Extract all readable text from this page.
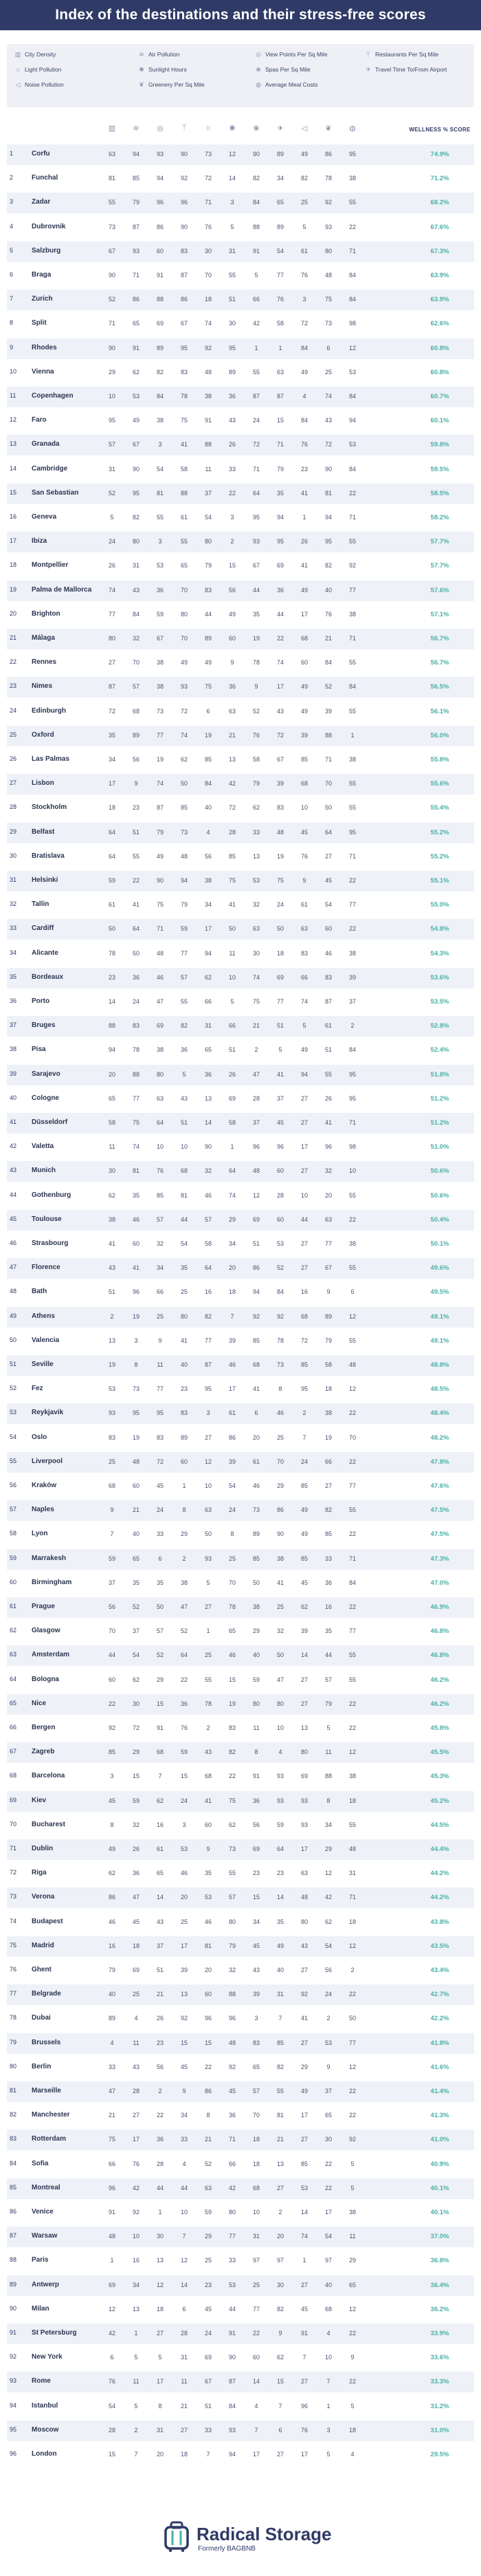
Index of the destinations and their stress-free scores
▥ City Density	≋ Air Pollution	◎ View Points Per Sq Mile	ᛘ Restaurants Per Sq Mile
☼ Light Pollution	✺ Sunlight Hours	❀ Spas Per Sq Mile	✈ Travel Time To/From Airport
◁ Noise Pollution	❦ Greenery Per Sq Mile	◍ Average Meal Costs
WELLNESS % SCORE
▥	≋	◎	ᛘ	☼	✺	❀	✈	◁	❦	◍
1	Corfu	63	94	93	90	73	12	90	89	49	86	95	74.9%
2	Funchal	81	85	94	92	72	14	82	34	82	78	38	71.2%
3	Zadar	55	79	96	96	71	3	84	65	25	92	55	68.2%
4	Dubrovnik	73	87	86	90	76	5	88	89	5	93	22	67.6%
5	Salzburg	67	93	60	83	30	31	91	54	61	80	71	67.3%
6	Braga	90	71	91	87	70	55	5	77	76	48	84	63.9%
7	Zurich	52	86	88	86	18	51	66	76	3	75	84	63.9%
8	Split	71	65	69	67	74	30	42	58	72	73	98	62.6%
9	Rhodes	90	91	89	95	92	95	1	1	84	6	12	60.8%
10	Vienna	29	62	82	83	48	89	55	63	49	25	53	60.8%
11	Copenhagen	10	53	84	78	38	36	87	87	4	74	84	60.7%
12	Faro	95	49	38	75	91	43	24	15	84	43	94	60.1%
13	Granada	57	67	3	41	88	26	72	71	76	72	53	59.8%
14	Cambridge	31	90	54	58	11	33	71	79	23	90	84	59.5%
15	San Sebastian	52	95	81	88	37	22	64	35	41	81	22	58.5%
16	Geneva	5	82	55	61	54	3	95	94	1	94	71	58.2%
17	Ibiza	24	80	3	55	80	2	93	95	26	95	55	57.7%
18	Montpellier	26	31	53	65	79	15	67	69	41	82	92	57.7%
19	Palma de Mallorca	74	43	36	70	83	56	44	36	49	40	77	57.6%
20	Brighton	77	84	59	80	44	49	35	44	17	76	38	57.1%
21	Málaga	80	32	67	70	89	60	19	22	68	21	71	56.7%
22	Rennes	27	70	38	49	49	9	78	74	60	84	55	56.7%
23	Nimes	87	57	38	93	75	36	9	17	49	52	84	56.5%
24	Edinburgh	72	68	73	72	6	63	52	43	49	39	55	56.1%
25	Oxford	35	89	77	74	19	21	76	72	39	88	1	56.0%
26	Las Palmas	34	56	19	62	85	13	58	67	85	71	38	55.8%
27	Lisbon	17	9	74	50	84	42	79	39	68	70	55	55.6%
28	Stockholm	18	23	87	85	40	72	62	83	10	50	55	55.4%
29	Belfast	64	51	79	73	4	28	33	48	45	64	95	55.2%
30	Bratislava	64	55	49	48	56	85	13	19	76	27	71	55.2%
31	Helsinki	59	22	90	94	38	75	53	75	9	45	22	55.1%
32	Tallin	61	41	75	79	34	41	32	24	61	54	77	55.0%
33	Cardiff	50	64	71	59	17	50	63	50	63	60	22	54.8%
34	Alicante	78	50	48	77	94	11	30	18	83	46	38	54.3%
35	Bordeaux	23	36	46	57	62	10	74	69	66	83	39	53.6%
36	Porto	14	24	47	55	66	5	75	77	74	87	37	53.5%
37	Bruges	88	83	69	82	31	66	21	51	5	61	2	52.8%
38	Pisa	94	78	38	36	65	51	2	5	49	51	84	52.4%
39	Sarajevo	20	88	80	5	36	26	47	41	94	55	95	51.8%
40	Cologne	65	77	63	43	13	69	28	37	27	26	95	51.2%
41	Düsseldorf	58	75	64	51	14	58	37	45	27	41	71	51.2%
42	Valetta	11	74	10	10	90	1	96	96	17	96	98	51.0%
43	Munich	30	81	76	68	32	64	48	60	27	32	10	50.6%
44	Gothenburg	62	35	85	81	46	74	12	28	10	20	55	50.6%
45	Toulouse	38	46	57	44	57	29	69	60	44	63	22	50.4%
46	Strasbourg	41	60	32	54	58	34	51	53	27	77	38	50.1%
47	Florence	43	41	34	35	64	20	86	52	27	67	55	49.6%
48	Bath	51	96	66	25	16	18	94	84	16	9	6	49.5%
49	Athens	2	19	25	80	82	7	92	92	68	89	12	49.1%
50	Valencia	13	3	9	41	77	39	85	78	72	79	55	49.1%
51	Seville	19	8	11	40	87	46	68	73	85	58	48	48.8%
52	Fez	53	73	77	23	95	17	41	8	95	18	12	48.5%
53	Reykjavik	93	95	95	83	3	61	6	46	2	38	22	48.4%
54	Oslo	83	19	83	89	27	86	20	25	7	19	70	48.2%
55	Liverpool	25	48	72	60	12	39	61	70	24	66	22	47.8%
56	Kraków	68	60	45	1	10	54	46	29	85	27	77	47.6%
57	Naples	9	21	24	8	63	24	73	86	49	82	55	47.5%
58	Lyon	7	40	33	29	50	8	89	90	49	85	22	47.5%
59	Marrakesh	59	65	6	2	93	25	85	38	85	33	71	47.3%
60	Birmingham	37	35	35	38	5	70	50	41	45	36	84	47.0%
61	Prague	56	52	50	47	27	78	38	25	62	16	22	46.9%
62	Glasgow	70	37	57	52	1	65	29	32	39	35	77	46.8%
63	Amsterdam	44	54	52	64	25	46	40	50	14	44	55	46.8%
64	Bologna	60	62	29	22	55	15	59	47	27	57	55	46.2%
65	Nice	22	30	15	36	78	19	80	80	27	79	22	46.2%
66	Bergen	92	72	91	76	2	83	11	10	13	5	22	45.8%
67	Zagreb	85	29	68	59	43	82	8	4	80	11	12	45.5%
68	Barcelona	3	15	7	15	68	22	91	93	69	88	38	45.3%
69	Kiev	45	59	62	24	41	75	36	93	93	8	18	45.2%
70	Bucharest	8	32	16	3	60	62	56	59	93	34	55	44.5%
71	Dublin	49	26	61	53	9	73	69	64	17	29	48	44.4%
72	Riga	62	36	65	46	35	55	23	23	63	12	31	44.2%
73	Verona	86	47	14	20	53	57	15	14	48	42	71	44.2%
74	Budapest	46	45	43	25	46	80	34	35	80	62	18	43.8%
75	Madrid	16	18	37	17	81	79	45	49	43	54	12	43.5%
76	Ghent	79	69	51	39	20	32	43	40	27	56	2	43.4%
77	Belgrade	40	25	21	13	60	88	39	31	92	24	22	42.7%
78	Dubai	89	4	26	92	96	96	3	7	41	2	50	42.2%
79	Brussels	4	11	23	15	15	48	83	85	27	53	77	41.8%
80	Berlin	33	43	56	45	22	92	65	82	29	9	12	41.6%
81	Marseille	47	28	2	9	86	45	57	55	49	37	22	41.4%
82	Manchester	21	27	22	34	8	36	70	81	17	65	22	41.3%
83	Rotterdam	75	17	36	33	21	71	18	21	27	30	92	41.0%
84	Sofia	66	76	28	4	52	66	18	13	85	22	5	40.9%
85	Montreal	96	42	44	44	63	42	68	27	53	22	5	40.1%
86	Venice	91	92	1	10	59	80	10	2	14	17	38	40.1%
87	Warsaw	48	10	30	7	29	77	31	20	74	54	11	37.0%
88	Paris	1	16	13	12	25	33	97	97	1	97	29	36.8%
89	Antwerp	69	34	12	14	23	53	25	30	27	40	65	36.4%
90	Milan	12	13	18	6	45	44	77	82	45	68	12	36.2%
91	St Petersburg	42	1	27	28	24	91	22	9	91	4	22	33.9%
92	New York	6	5	5	31	69	90	60	62	7	10	9	33.6%
93	Rome	76	11	17	11	67	87	14	15	27	7	22	33.3%
94	Istanbul	54	5	8	21	51	84	4	7	96	1	5	31.2%
95	Moscow	28	2	31	27	33	93	7	6	76	3	18	31.0%
96	London	15	7	20	18	7	94	17	27	17	5	4	29.5%
Radical Storage
Formerly BAGBNB
